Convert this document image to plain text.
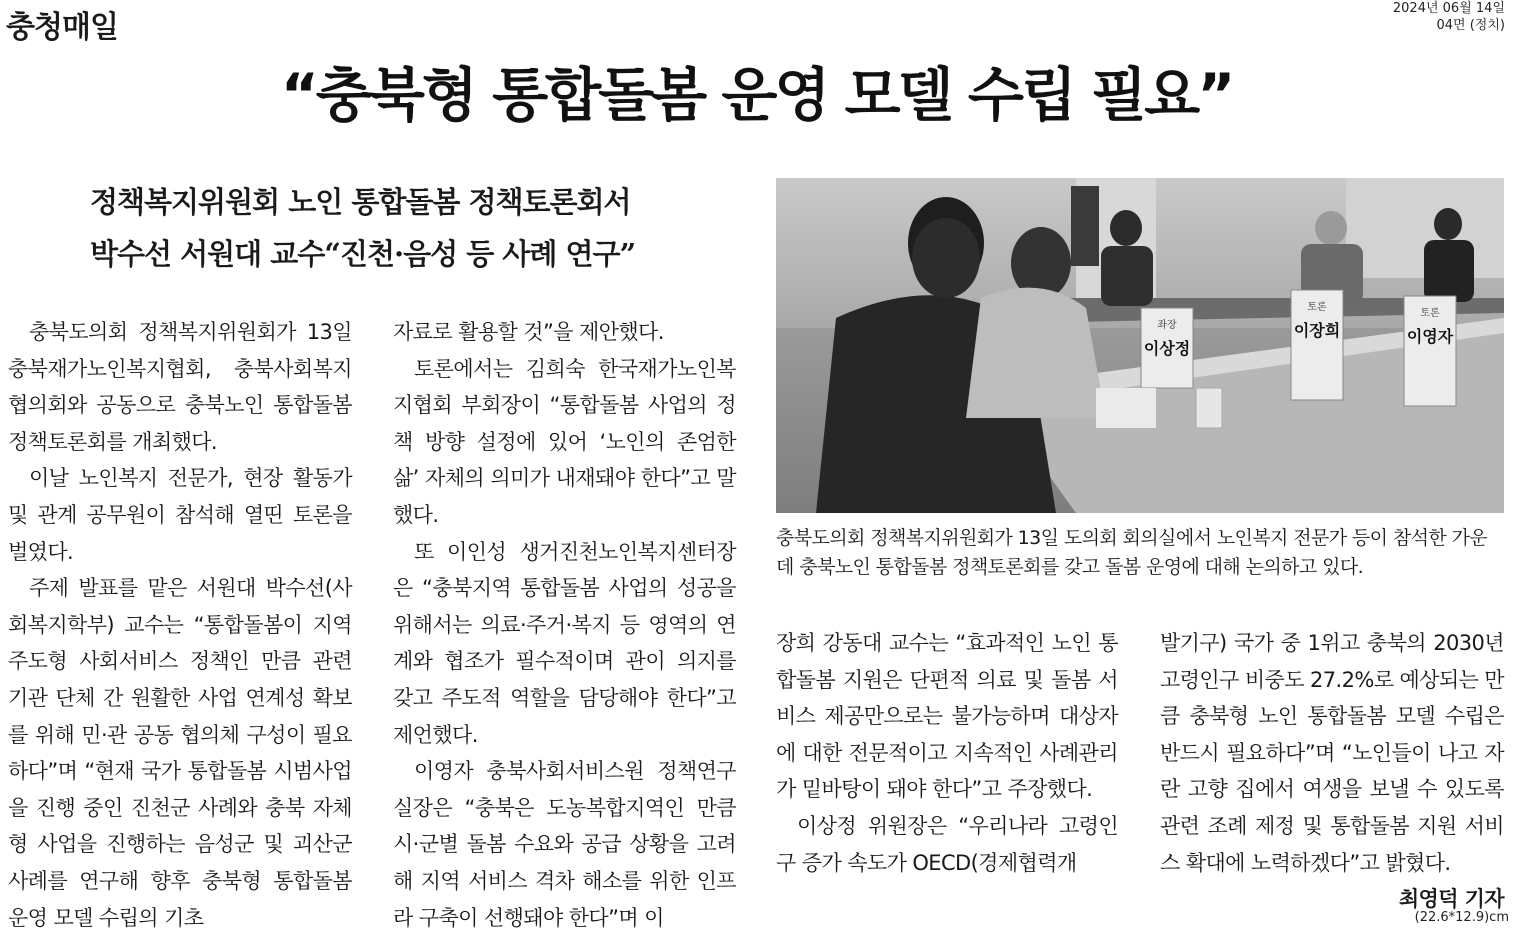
충청매일
2024년 06월 14일
04면 (정치)
“충북형 통합돌봄 운영 모델 수립 필요”
정책복지위원회 노인 통합돌봄 정책토론회서
박수선 서원대 교수“진천·음성 등 사례 연구”

충북도의회 정책복지위원회가 13일 충북재가노인복지협회, 충북사회복지협의회와 공동으로 충북노인 통합돌봄 정책토론회를 개최했다.

이날 노인복지 전문가, 현장 활동가 및 관계 공무원이 참석해 열띤 토론을 벌였다.

주제 발표를 맡은 서원대 박수선(사회복지학부) 교수는 “통합돌봄이 지역주도형 사회서비스 정책인 만큼 관련 기관 단체 간 원활한 사업 연계성 확보를 위해 민·관 공동 협의체 구성이 필요하다”며 “현재 국가 통합돌봄 시범사업을 진행 중인 진천군 사례와 충북 자체형 사업을 진행하는 음성군 및 괴산군 사례를 연구해 향후 충북형 통합돌봄 운영 모델 수립의 기초

자료로 활용할 것”을 제안했다.

토론에서는 김희숙 한국재가노인복지협회 부회장이 “통합돌봄 사업의 정책 방향 설정에 있어 ‘노인의 존엄한 삶’ 자체의 의미가 내재돼야 한다”고 말했다.

또 이인성 생거진천노인복지센터장은 “충북지역 통합돌봄 사업의 성공을 위해서는 의료·주거·복지 등 영역의 연계와 협조가 필수적이며 관이 의지를 갖고 주도적 역할을 담당해야 한다”고 제언했다.

이영자 충북사회서비스원 정책연구실장은 “충북은 도농복합지역인 만큼 시·군별 돌봄 수요와 공급 상황을 고려해 지역 서비스 격차 해소를 위한 인프라 구축이 선행돼야 한다”며 이

토론
이장희
토론
이영자
좌장
이상정
충북도의회 정책복지위원회가 13일 도의회 회의실에서 노인복지 전문가 등이 참석한 가운데 충북노인 통합돌봄 정책토론회를 갖고 돌봄 운영에 대해 논의하고 있다.

장희 강동대 교수는 “효과적인 노인 통합돌봄 지원은 단편적 의료 및 돌봄 서비스 제공만으로는 불가능하며 대상자에 대한 전문적이고 지속적인 사례관리가 밑바탕이 돼야 한다”고 주장했다.

이상정 위원장은 “우리나라 고령인구 증가 속도가 OECD(경제협력개

발기구) 국가 중 1위고 충북의 2030년 고령인구 비중도 27.2%로 예상되는 만큼 충북형 노인 통합돌봄 모델 수립은 반드시 필요하다”며 “노인들이 나고 자란 고향 집에서 여생을 보낼 수 있도록 관련 조례 제정 및 통합돌봄 지원 서비스 확대에 노력하겠다”고 밝혔다.
최영덕 기자

(22.6*12.9)cm
